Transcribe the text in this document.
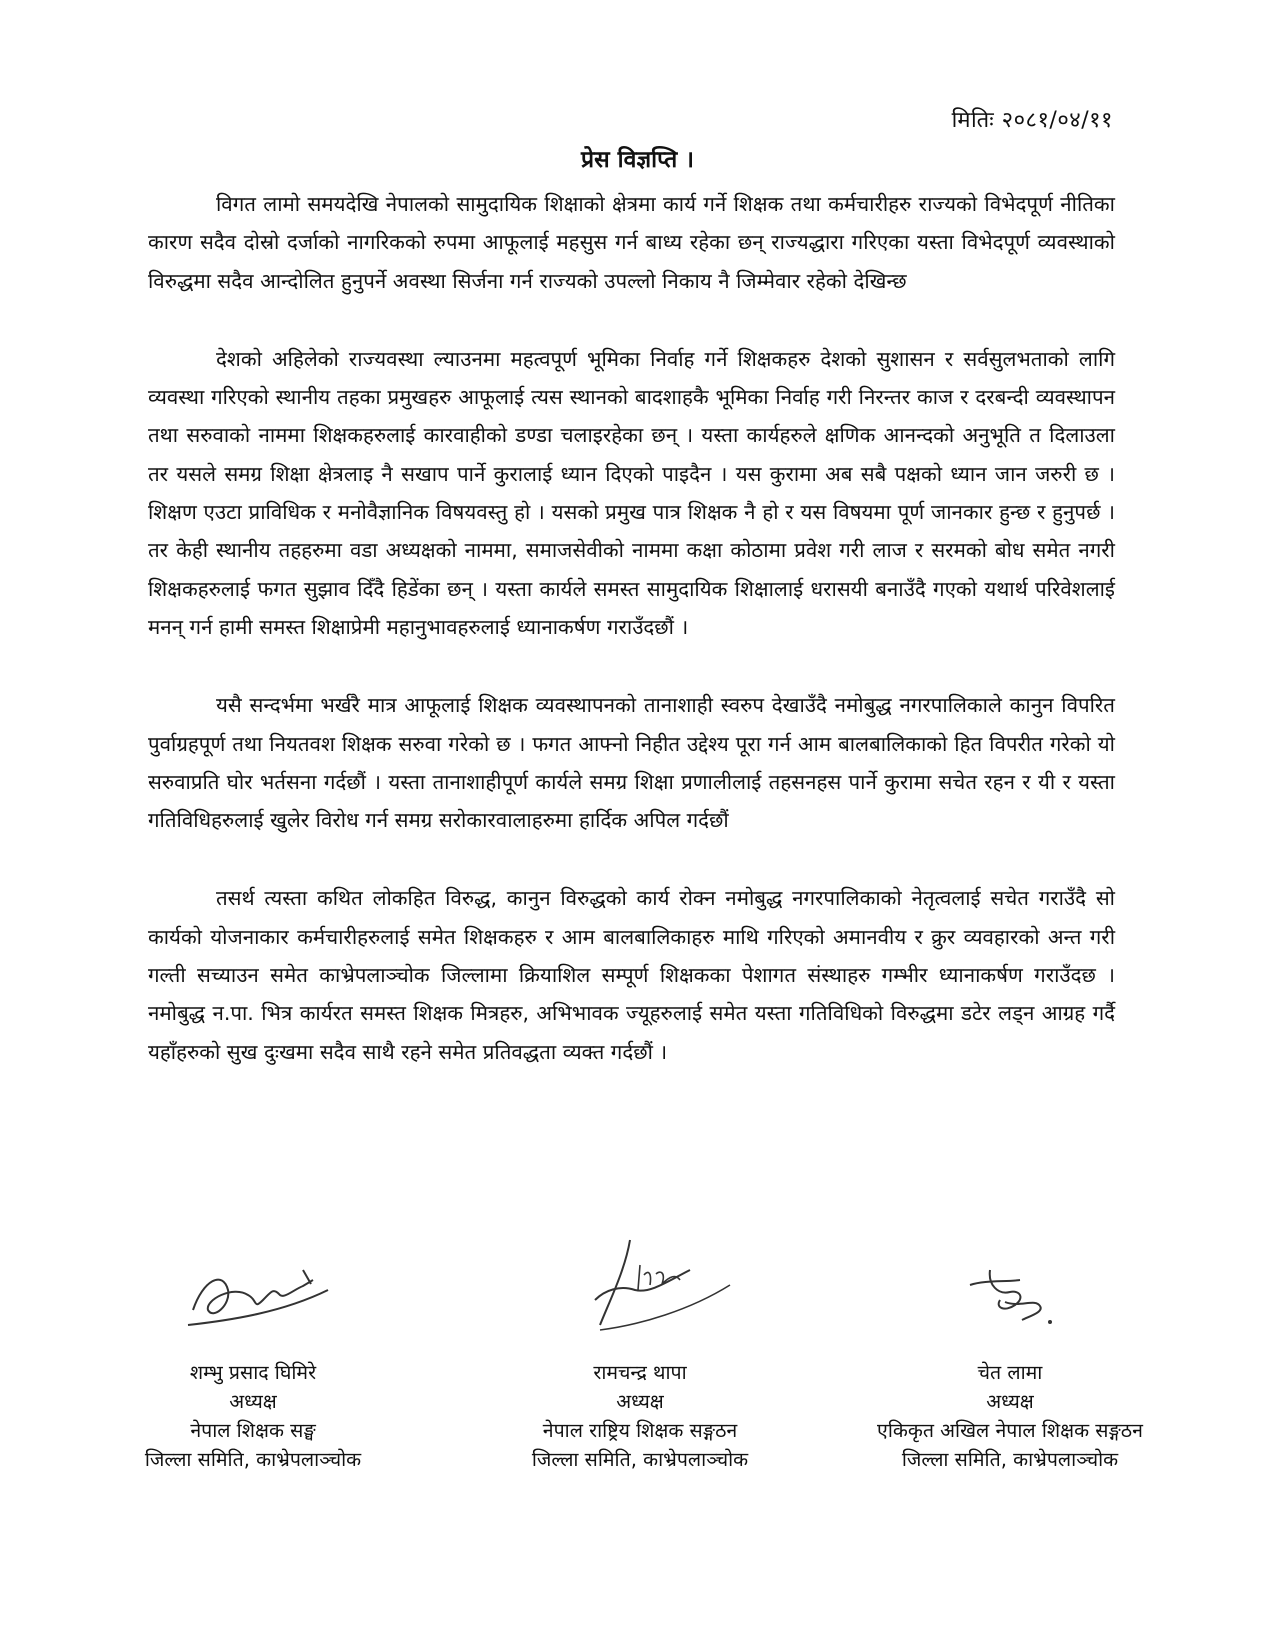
मितिः २०८१/०४/११
प्रेस विज्ञप्ति ।

विगत लामो समयदेखि नेपालको सामुदायिक शिक्षाको क्षेत्रमा कार्य गर्ने शिक्षक तथा कर्मचारीहरु राज्यको विभेदपूर्ण नीतिका कारण सदैव दोस्रो दर्जाको नागरिकको रुपमा आफूलाई महसुस गर्न बाध्य रहेका छन् राज्यद्धारा गरिएका यस्ता विभेदपूर्ण व्यवस्थाको विरुद्धमा सदैव आन्दोलित हुनुपर्ने अवस्था सिर्जना गर्न राज्यको उपल्लो निकाय नै जिम्मेवार रहेको देखिन्छ

देशको अहिलेको राज्यवस्था ल्याउनमा महत्वपूर्ण भूमिका निर्वाह गर्ने शिक्षकहरु देशको सुशासन र सर्वसुलभताको लागि व्यवस्था गरिएको स्थानीय तहका प्रमुखहरु आफूलाई त्यस स्थानको बादशाहकै भूमिका निर्वाह गरी निरन्तर काज र दरबन्दी व्यवस्थापन तथा सरुवाको नाममा शिक्षकहरुलाई कारवाहीको डण्डा चलाइरहेका छन् । यस्ता कार्यहरुले क्षणिक आनन्दको अनुभूति त दिलाउला तर यसले समग्र शिक्षा क्षेत्रलाइ नै सखाप पार्ने कुरालाई ध्यान दिएको पाइदैन । यस कुरामा अब सबै पक्षको ध्यान जान जरुरी छ । शिक्षण एउटा प्राविधिक र मनोवैज्ञानिक विषयवस्तु हो । यसको प्रमुख पात्र शिक्षक नै हो र यस विषयमा पूर्ण जानकार हुन्छ र हुनुपर्छ । तर केही स्थानीय तहहरुमा वडा अध्यक्षको नाममा, समाजसेवीको नाममा कक्षा कोठामा प्रवेश गरी लाज र सरमको बोध समेत नगरी शिक्षकहरुलाई फगत सुझाव दिँदै हिडेंका छन् । यस्ता कार्यले समस्त सामुदायिक शिक्षालाई धरासयी बनाउँदै गएको यथार्थ परिवेशलाई मनन् गर्न हामी समस्त शिक्षाप्रेमी महानुभावहरुलाई ध्यानाकर्षण गराउँदछौं ।

यसै सन्दर्भमा भर्खरै मात्र आफूलाई शिक्षक व्यवस्थापनको तानाशाही स्वरुप देखाउँदै नमोबुद्ध नगरपालिकाले कानुन विपरित पुर्वाग्रहपूर्ण तथा नियतवश शिक्षक सरुवा गरेको छ । फगत आफ्नो निहीत उद्देश्य पूरा गर्न आम बालबालिकाको हित विपरीत गरेको यो सरुवाप्रति घोर भर्तसना गर्दछौं । यस्ता तानाशाहीपूर्ण कार्यले समग्र शिक्षा प्रणालीलाई तहसनहस पार्ने कुरामा सचेत रहन र यी र यस्ता गतिविधिहरुलाई खुलेर विरोध गर्न समग्र सरोकारवालाहरुमा हार्दिक अपिल गर्दछौं

तसर्थ त्यस्ता कथित लोकहित विरुद्ध, कानुन विरुद्धको कार्य रोक्न नमोबुद्ध नगरपालिकाको नेतृत्वलाई सचेत गराउँदै सो कार्यको योजनाकार कर्मचारीहरुलाई समेत शिक्षकहरु र आम बालबालिकाहरु माथि गरिएको अमानवीय र क्रुर व्यवहारको अन्त गरी गल्ती सच्याउन समेत काभ्रेपलाञ्चोक जिल्लामा क्रियाशिल सम्पूर्ण शिक्षकका पेशागत संस्थाहरु गम्भीर ध्यानाकर्षण गराउँदछ । नमोबुद्ध न.पा. भित्र कार्यरत समस्त शिक्षक मित्रहरु, अभिभावक ज्यूहरुलाई समेत यस्ता गतिविधिको विरुद्धमा डटेर लड्न आग्रह गर्दै यहाँहरुको सुख दुःखमा सदैव साथै रहने समेत प्रतिवद्धता व्यक्त गर्दछौं ।

शम्भु प्रसाद घिमिरे
अध्यक्ष
नेपाल शिक्षक सङ्घ
जिल्ला समिति, काभ्रेपलाञ्चोक
रामचन्द्र थापा
अध्यक्ष
नेपाल राष्ट्रिय शिक्षक सङ्गठन
जिल्ला समिति, काभ्रेपलाञ्चोक
चेत लामा
अध्यक्ष
एकिकृत अखिल नेपाल शिक्षक सङ्गठन
जिल्ला समिति, काभ्रेपलाञ्चोक
